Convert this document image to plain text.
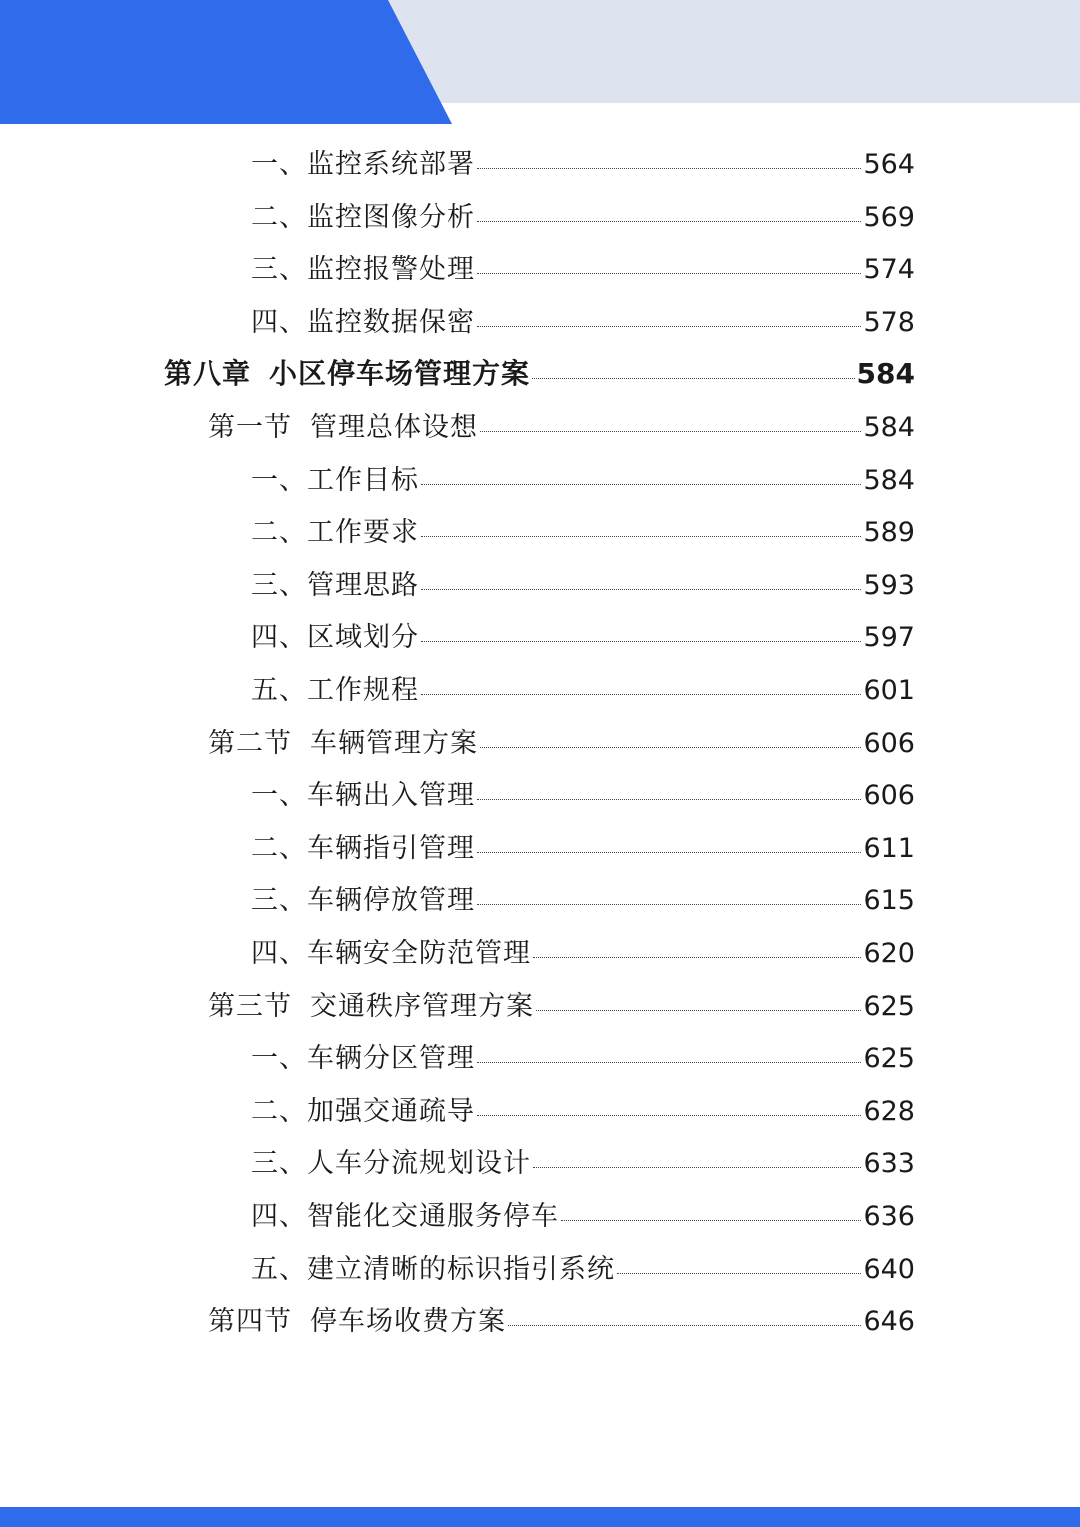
一、 监控系统部署	564
二、 监控图像分析	569
三、 监控报警处理	574
四、 监控数据保密	578
第八章 小区停车场管理方案	584
第一节 管理总体设想	584
一、 工作目标	584
二、 工作要求	589
三、 管理思路	593
四、 区域划分	597
五、 工作规程	601
第二节 车辆管理方案	606
一、 车辆出入管理	606
二、 车辆指引管理	611
三、 车辆停放管理	615
四、 车辆安全防范管理	620
第三节 交通秩序管理方案	625
一、 车辆分区管理	625
二、 加强交通疏导	628
三、 人车分流规划设计	633
四、 智能化交通服务停车	636
五、 建立清晰的标识指引系统	640
第四节 停车场收费方案	646
